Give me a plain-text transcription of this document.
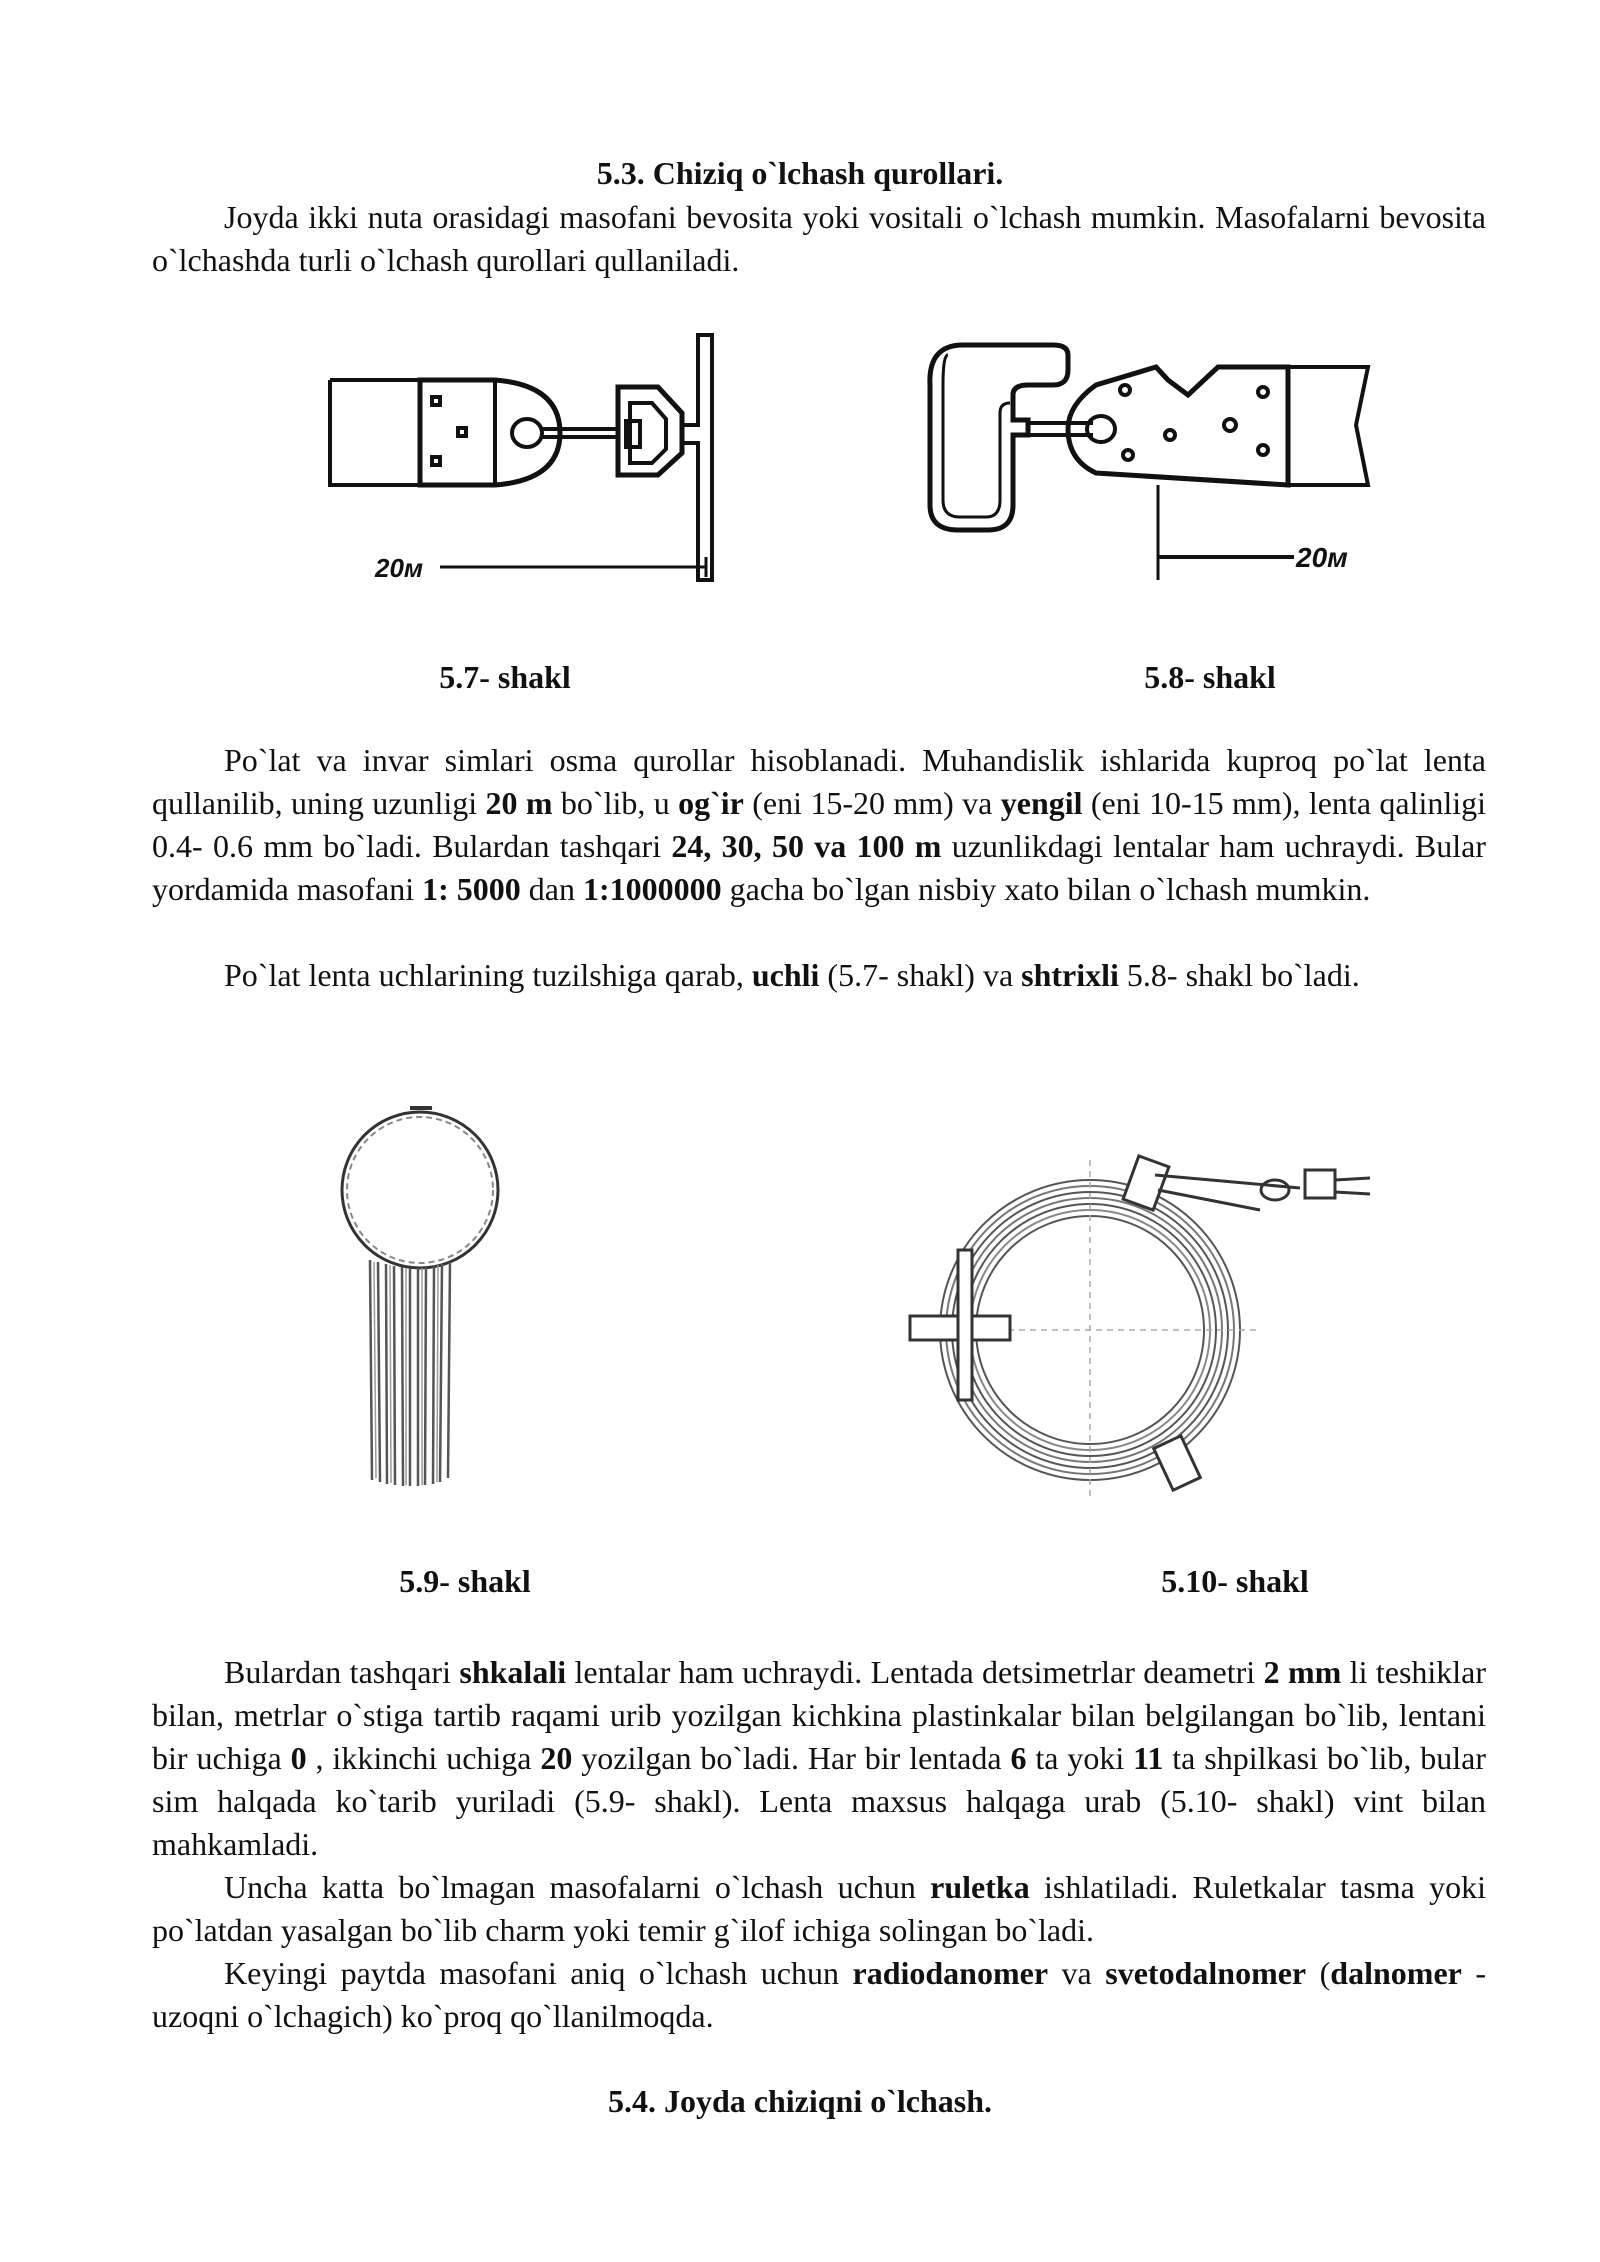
5.3. Chiziq o`lchash qurollari.

Joyda ikki nuta orasidagi masofani bevosita yoki vositali o`lchash mumkin. Masofalarni bevosita o`lchashda turli o`lchash qurollari qullaniladi.

20м	20м
5.7- shakl	5.8- shakl

Po`lat va invar simlari osma qurollar hisoblanadi. Muhandislik ishlarida kuproq po`lat lenta qullanilib, uning uzunligi 20 m bo`lib, u og`ir (eni 15-20 mm) va yengil (eni 10-15 mm), lenta qalinligi 0.4- 0.6 mm bo`ladi. Bulardan tashqari 24, 30, 50 va 100 m uzunlikdagi lentalar ham uchraydi. Bular yordamida masofani 1: 5000 dan 1:1000000 gacha bo`lgan nisbiy xato bilan o`lchash mumkin.

Po`lat lenta uchlarining tuzilshiga qarab, uchli (5.7- shakl) va shtrixli 5.8- shakl bo`ladi.

5.9- shakl	5.10- shakl

Bulardan tashqari shkalali lentalar ham uchraydi. Lentada detsimetrlar deametri 2 mm li teshiklar bilan, metrlar o`stiga tartib raqami urib yozilgan kichkina plastinkalar bilan belgilangan bo`lib, lentani bir uchiga 0 , ikkinchi uchiga 20 yozilgan bo`ladi. Har bir lentada 6 ta yoki 11 ta shpilkasi bo`lib, bular sim halqada ko`tarib yuriladi (5.9- shakl). Lenta maxsus halqaga urab (5.10- shakl) vint bilan mahkamladi.

Uncha katta bo`lmagan masofalarni o`lchash uchun ruletka ishlatiladi. Ruletkalar tasma yoki po`latdan yasalgan bo`lib charm yoki temir g`ilof ichiga solingan bo`ladi.

Keyingi paytda masofani aniq o`lchash uchun radiodanomer va svetodalnomer (dalnomer - uzoqni o`lchagich) ko`proq qo`llanilmoqda.

5.4. Joyda chiziqni o`lchash.
